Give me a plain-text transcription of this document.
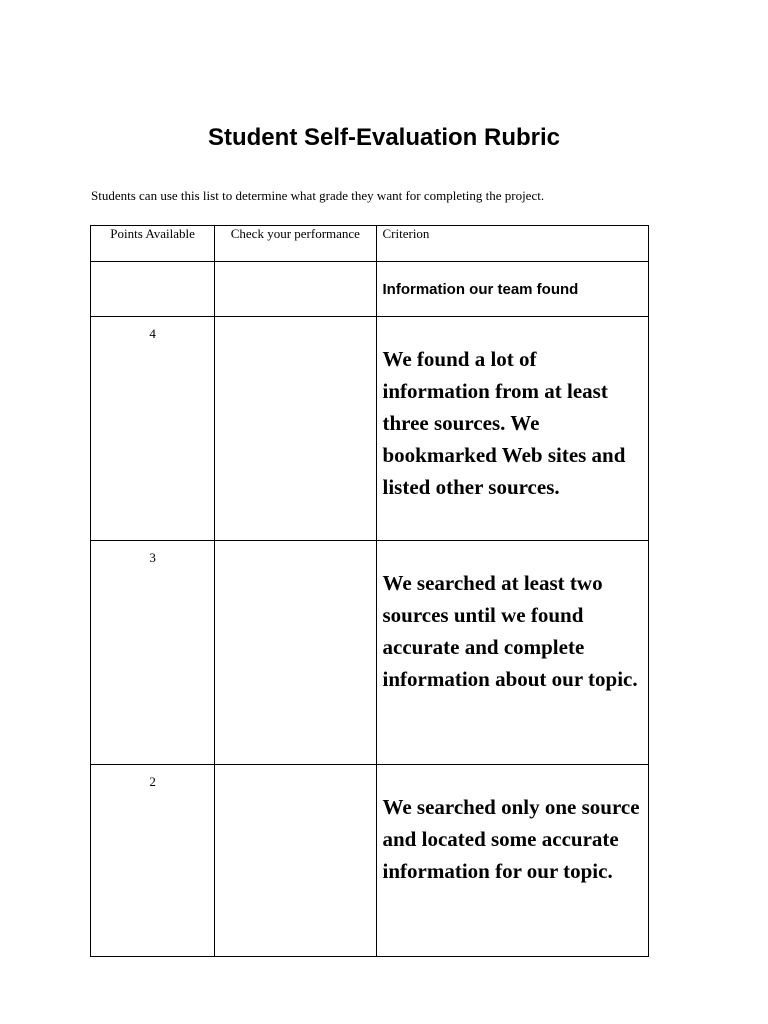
Student Self-Evaluation Rubric
Students can use this list to determine what grade they want for completing the project.
Points Available	Check your performance	Criterion
		Information our team found
4		We found a lot of information from at least three sources. We bookmarked Web sites and listed other sources.
3		We searched at least two sources until we found accurate and complete information about our topic.
2		We searched only one source and located some accurate information for our topic.
